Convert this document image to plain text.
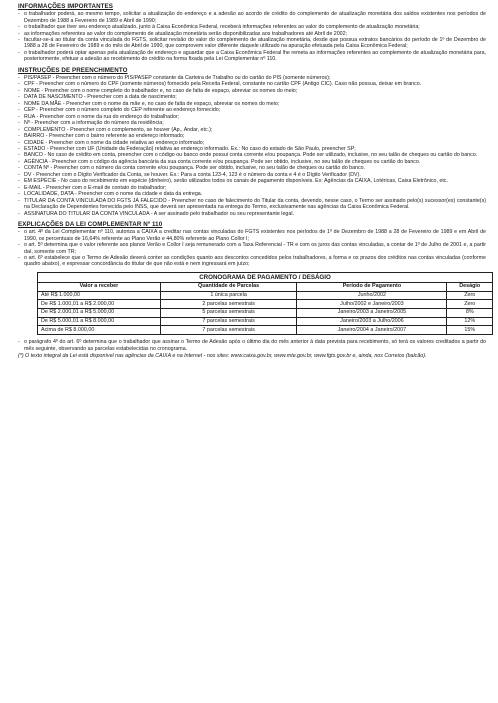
INFORMAÇÕES IMPORTANTES
- o trabalhador poderá, ao mesmo tempo, solicitar a atualização do endereço e a adesão ao acordo de crédito do complemento de atualização monetária dos saldos existentes nos períodos de Dezembro de 1988 a Fevereiro de 1989 e Abril de 1990;
- o trabalhador que tiver seu endereço atualizado, junto à Caixa Econômica Federal, receberá informações referentes ao valor do complemento de atualização monetária;
- as informações referentes ao valor do complemento de atualização monetária serão disponibilizadas aos trabalhadores até Abril de 2002;
- facultar-se-á ao titular da conta vinculada do FGTS, solicitar revisão do valor do complemento de atualização monetária, desde que possua extratos bancários do período de 1º de Dezembro de 1988 a 28 de Fevereiro de 1989 e do mês de Abril de 1990, que comprovem valor diferente daquele utilizado na apuração efetuada pela Caixa Econômica Federal;
- o trabalhador poderá optar apenas pela atualização de endereço e aguardar que a Caixa Econômica Federal lhe remeta as informações referentes ao complemento de atualização monetária para, posteriormente, efetuar a adesão ao recebimento do crédito na forma fixada pela Lei Complementar nº 110.
INSTRUÇÕES DE PREENCHIMENTO
- PIS/PASEP - Preencher com o número do PIS/PASEP constante da Carteira de Trabalho ou do cartão do PIS (somente números);
- CPF - Preencher com o número do CPF (somente números) fornecido pela Receita Federal, constante no cartão CPF (Antigo CIC). Caso não possua, deixar em branco.
- NOME - Preencher com o nome completo do trabalhador e, no caso de falta de espaço, abreviar os nomes do meio;
- DATA DE NASCIMENTO - Preencher com a data de nascimento;
- NOME DA MÃE - Preencher com o nome da mãe e, no caso de falta de espaço, abreviar os nomes do meio;
- CEP - Preencher com o número completo do CEP referente ao endereço fornecido;
- RUA - Preencher com o nome da rua do endereço do trabalhador;
- Nº - Preencher com a informação do número da residência;
- COMPLEMENTO - Preencher com o complemento, se houver (Ap., Andar, etc.);
- BAIRRO - Preencher com o bairro referente ao endereço informado;
- CIDADE - Preencher com o nome da cidade relativa ao endereço informado;
- ESTADO - Preencher com UF (Unidade da Federação) relativa ao endereço informado. Ex.: No caso do estado de São Paulo, preencher SP;
- BANCO - No caso de crédito em conta, preencher com o código ou banco onde possui conta corrente e/ou poupança. Pode ser utilizado, inclusive, no seu talão de cheques ou cartão do banco.
- AGÊNCIA - Preencher com o código da agência bancária da sua conta corrente e/ou poupança. Pode ser obtido, inclusive, no seu talão de cheques ou cartão do banco.
- CONTA Nº - Preencher com o número da conta corrente e/ou poupança. Pode ser obtido, inclusive, no seu talão de cheques ou cartão do banco.
- DV - Preencher com o Dígito Verificador da Conta, se houver. Ex.: Para a conta 123-4, 123 é o número da conta e 4 é o Dígito Verificador (DV).
- EM ESPÉCIE - No caso do recebimento em espécie (dinheiro), serão utilizados todos os canais de pagamento disponíveis. Ex: Agências da CAIXA, Lotéricas, Caixa Eletrônico, etc.
- E-MAIL - Preencher com o E-mail de contato do trabalhador;
- LOCALIDADE, DATA - Preencher com o nome da cidade e data da entrega.
- TITULAR DA CONTA VINCULADA DO FGTS JÁ FALECIDO - Preencher no caso de falecimento do Titular da conta, devendo, nesse caso, o Termo ser assinado pelo(s) sucessor(es) constante(s) na Declaração de Dependentes fornecida pelo INSS, que deverá ser apresentada na entrega do Termo, exclusivamente nas agências da Caixa Econômica Federal.
- ASSINATURA DO TITULAR DA CONTA VINCULADA - A ser assinado pelo trabalhador ou seu representante legal.
EXPLICAÇÕES DA LEI COMPLEMENTAR Nº 110
- o art. 4º da Lei Complementar nº 110, autoriza a CAIXA a creditar nas contas vinculadas do FGTS existentes nos períodos de 1º de Dezembro de 1988 a 28 de Fevereiro de 1989 e em Abril de 1990, os percentuais de 16,64% referente ao Plano Verão e 44,80% referente ao Plano Collor I;
- o art. 5º determina que o valor referente aos planos Verão e Collor I seja remunerado com a Taxa Referencial - TR e com os juros das contas vinculadas, a contar de 1º de Julho de 2001 e, a partir daí, somente com TR;
- o art. 6º estabelece que o Termo de Adesão deverá conter as condições quanto aos descontos concedidos pelos trabalhadores, a forma e os prazos dos créditos nas contas vinculadas (conforme quadro abaixo), e expressar concordância do titular de que não está e nem ingressará em juízo;
CRONOGRAMA DE PAGAMENTO / DESÁGIO			
Valor a receber	Quantidade de Parcelas	Período de Pagamento	Deságio
Até R$ 1.000,00	1 única parcela	Junho/2002	Zero
De R$ 1.000,01 a R$ 2.000,00	2 parcelas semestrais	Julho/2002 e Janeiro/2003	Zero
De R$ 2.000,01 a R$ 5.000,00	5 parcelas semestrais	Janeiro/2003 a Janeiro/2005	8%
De R$ 5.000,01 a R$ 8.000,00	7 parcelas semestrais	Janeiro/2003 a Julho/2006	12%
Acima de R$ 8.000,00	7 parcelas semestrais	Janeiro/2004 a Janeiro/2007	15%
- o parágrafo 4º do art. 6º determina que o trabalhador que assinar o Termo de Adesão após o último dia do mês anterior à data prevista para recebimento, só terá os valores creditados a partir do mês seguinte, observando as parcelas estabelecidas no cronograma.
(*) O texto integral da Lei está disponível nas agências da CAIXA e na Internet - nos sites: www.caixa.gov.br, www.mte.gov.br, www.fgts.gov.br e, ainda, nos Correios (balcão).
